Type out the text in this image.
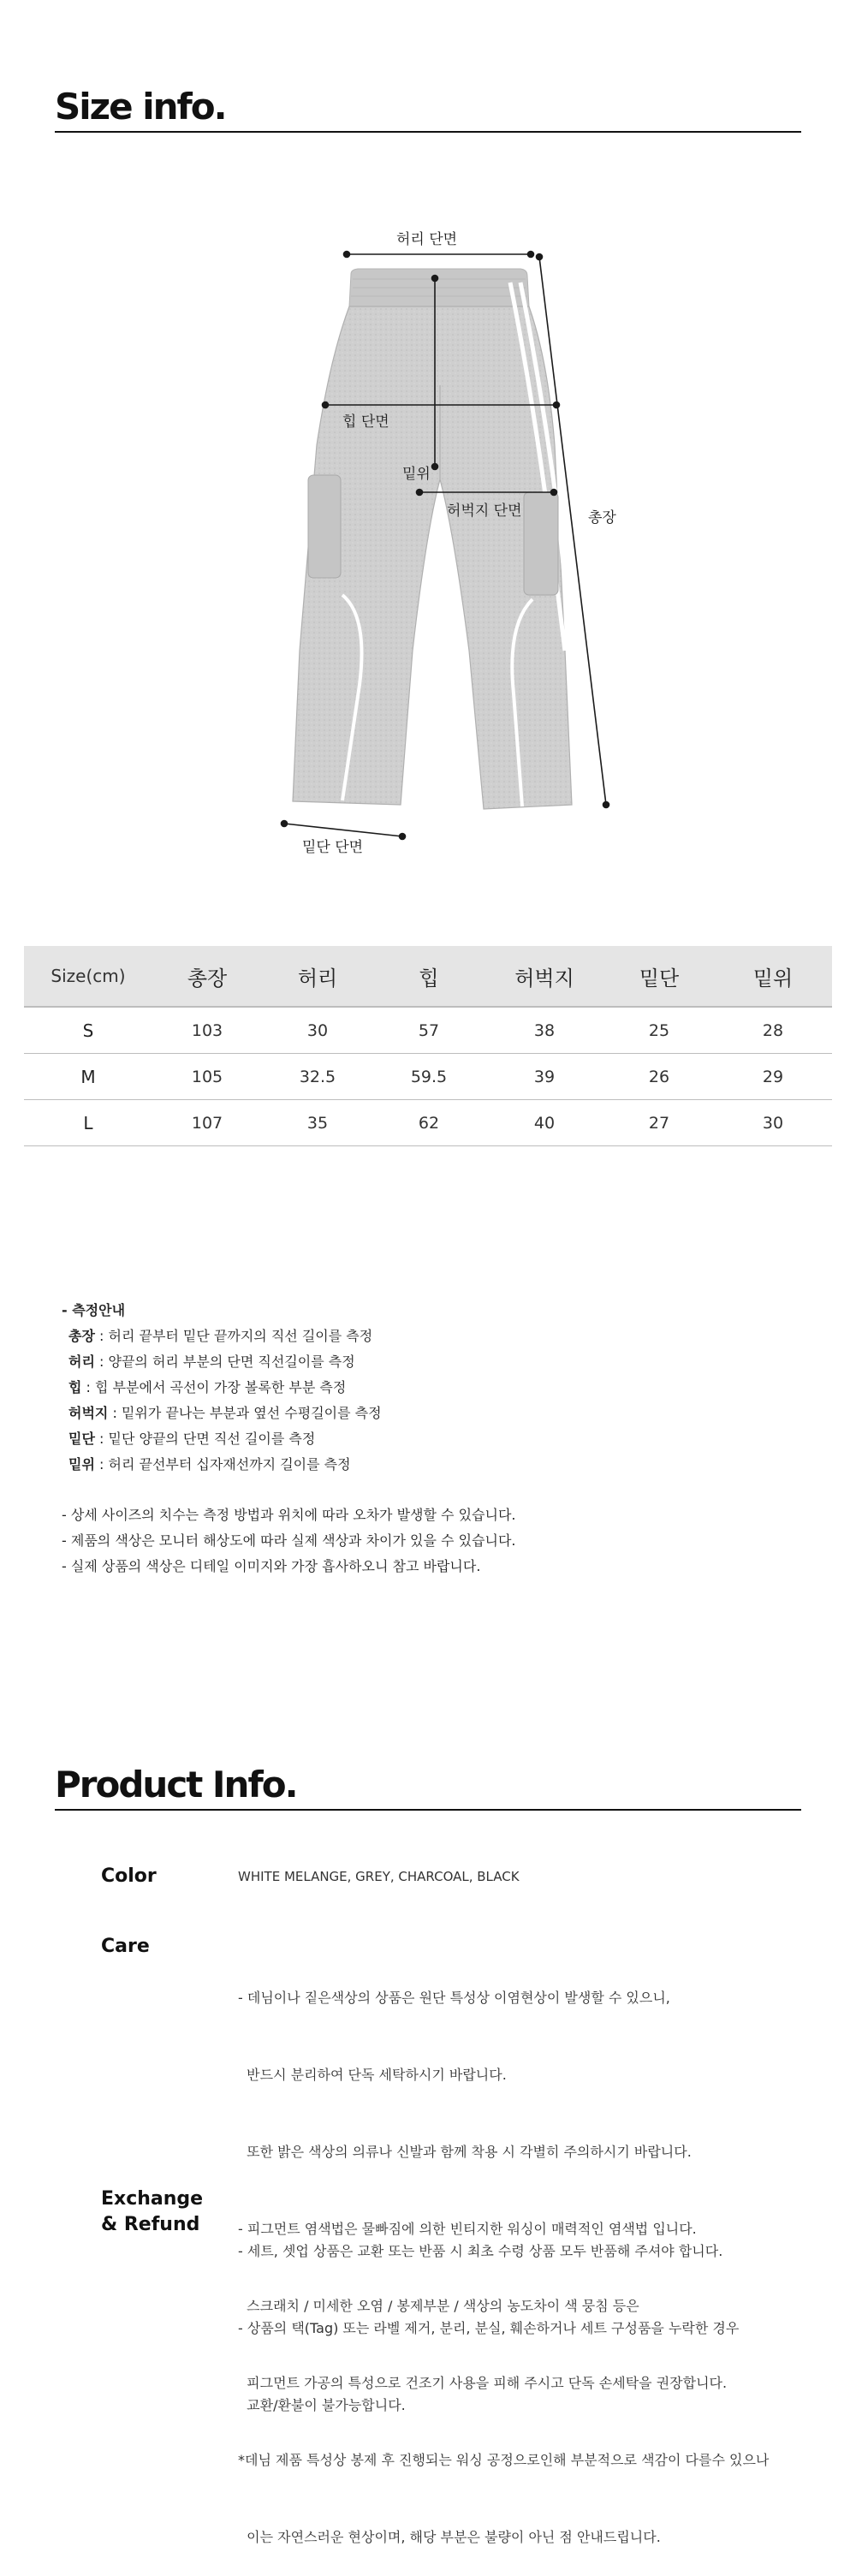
Size info.
허리 단면
힙 단면
밑위
허벅지 단면	총장
밑단 단면
Size(cm)	총장	허리	힙	허벅지	밑단	밑위
S	103	30	57	38	25	28
M	105	32.5	59.5	39	26	29
L	107	35	62	40	27	30
- 측정안내
총장 : 허리 끝부터 밑단 끝까지의 직선 길이를 측정
허리 : 양끝의 허리 부분의 단면 직선길이를 측정
힙 : 힙 부분에서 곡선이 가장 볼록한 부분 측정
허벅지 : 밑위가 끝나는 부분과 옆선 수평길이를 측정
밑단 : 밑단 양끝의 단면 직선 길이를 측정
밑위 : 허리 끝선부터 십자재선까지 길이를 측정
- 상세 사이즈의 치수는 측정 방법과 위치에 따라 오차가 발생할 수 있습니다.
- 제품의 색상은 모니터 해상도에 따라 실제 색상과 차이가 있을 수 있습니다.
- 실제 상품의 색상은 디테일 이미지와 가장 흡사하오니 참고 바랍니다.
Product Info.
Color	WHITE MELANGE, GREY, CHARCOAL, BLACK
Care

- 데님이나 짙은색상의 상품은 원단 특성상 이염현상이 발생할 수 있으니,

반드시 분리하여 단독 세탁하시기 바랍니다.

또한 밝은 색상의 의류나 신발과 함께 착용 시 각별히 주의하시기 바랍니다.

- 피그먼트 염색법은 물빠짐에 의한 빈티지한 워싱이 매력적인 염색법 입니다.

스크래치 / 미세한 오염 / 봉제부분 / 색상의 농도차이 색 뭉침 등은

피그먼트 가공의 특성으로 건조기 사용을 피해 주시고 단독 손세탁을 권장합니다.

*데님 제품 특성상 봉제 후 진행되는 워싱 공정으로인해 부분적으로 색감이 다를수 있으나

이는 자연스러운 현상이며, 해당 부분은 불량이 아닌 점 안내드립니다.

Exchange
& Refund

- 세트, 셋업 상품은 교환 또는 반품 시 최초 수령 상품 모두 반품해 주셔야 합니다.

- 상품의 택(Tag) 또는 라벨 제거, 분리, 분실, 훼손하거나 세트 구성품을 누락한 경우

교환/환불이 불가능합니다.
